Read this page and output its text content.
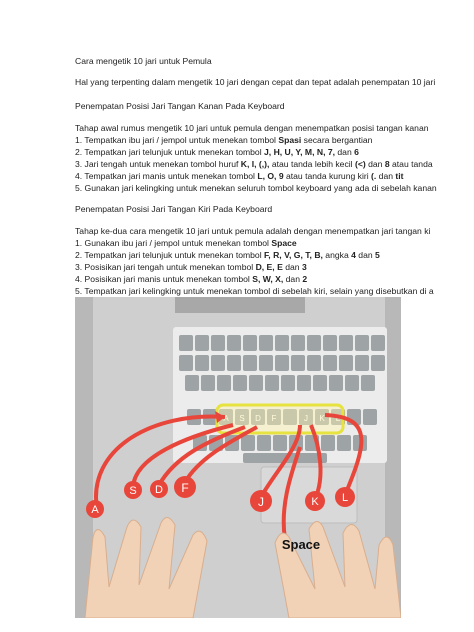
Cara mengetik 10 jari untuk Pemula
Hal yang terpenting dalam mengetik 10 jari dengan cepat dan tepat adalah penempatan 10 jari
Penempatan Posisi Jari Tangan Kanan Pada Keyboard
Tahap awal rumus mengetik 10 jari untuk pemula dengan menempatkan posisi tangan kanan
1. Tempatkan ibu jari / jempol untuk menekan tombol Spasi secara bergantian
2. Tempatkan jari telunjuk untuk menekan tombol J, H, U, Y, M, N, 7, dan 6
3. Jari tengah untuk menekan tombol huruf K, I, (,), atau tanda lebih kecil (<) dan 8 atau tanda
4. Tempatkan jari manis untuk menekan tombol L, O, 9 atau tanda kurung kiri (. dan tit
5. Gunakan jari kelingking untuk menekan seluruh tombol keyboard yang ada di sebelah kanan
Penempatan Posisi Jari Tangan Kiri Pada Keyboard
Tahap ke-dua cara mengetik 10 jari untuk pemula adalah dengan menempatkan jari tangan ki
1. Gunakan ibu jari / jempol untuk menekan tombol Space
2. Tempatkan jari telunjuk untuk menekan tombol F, R, V, G, T, B, angka 4 dan 5
3. Posisikan jari tengah untuk menekan tombol D, E, E dan 3
4. Posisikan jari manis untuk menekan tombol S, W, X, dan 2
5. Tempatkan jari kelingking untuk menekan tombol di sebelah kiri, selain yang disebutkan di a
A S D F	J K L
A
S D F
J	K L
Space
